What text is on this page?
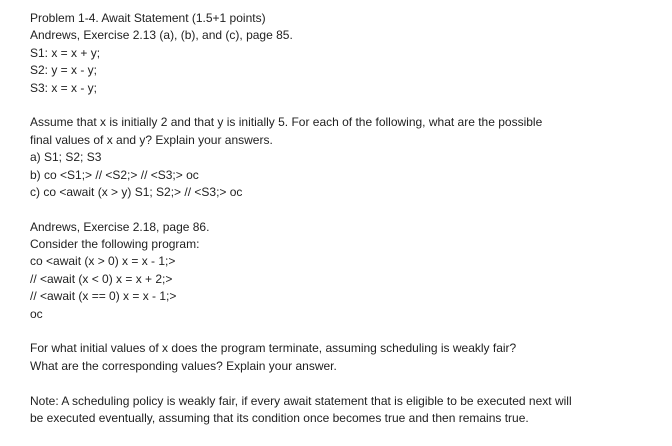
Problem 1-4. Await Statement (1.5+1 points)
Andrews, Exercise 2.13 (a), (b), and (c), page 85.
S1: x = x + y;
S2: y = x - y;
S3: x = x - y;
Assume that x is initially 2 and that y is initially 5. For each of the following, what are the possible
final values of x and y? Explain your answers.
a) S1; S2; S3
b) co <S1;> // <S2;> // <S3;> oc
c) co <await (x > y) S1; S2;> // <S3;> oc
Andrews, Exercise 2.18, page 86.
Consider the following program:
co <await (x > 0) x = x - 1;>
// <await (x < 0) x = x + 2;>
// <await (x == 0) x = x - 1;>
oc
For what initial values of x does the program terminate, assuming scheduling is weakly fair?
What are the corresponding values? Explain your answer.
Note: A scheduling policy is weakly fair, if every await statement that is eligible to be executed next will
be executed eventually, assuming that its condition once becomes true and then remains true.
